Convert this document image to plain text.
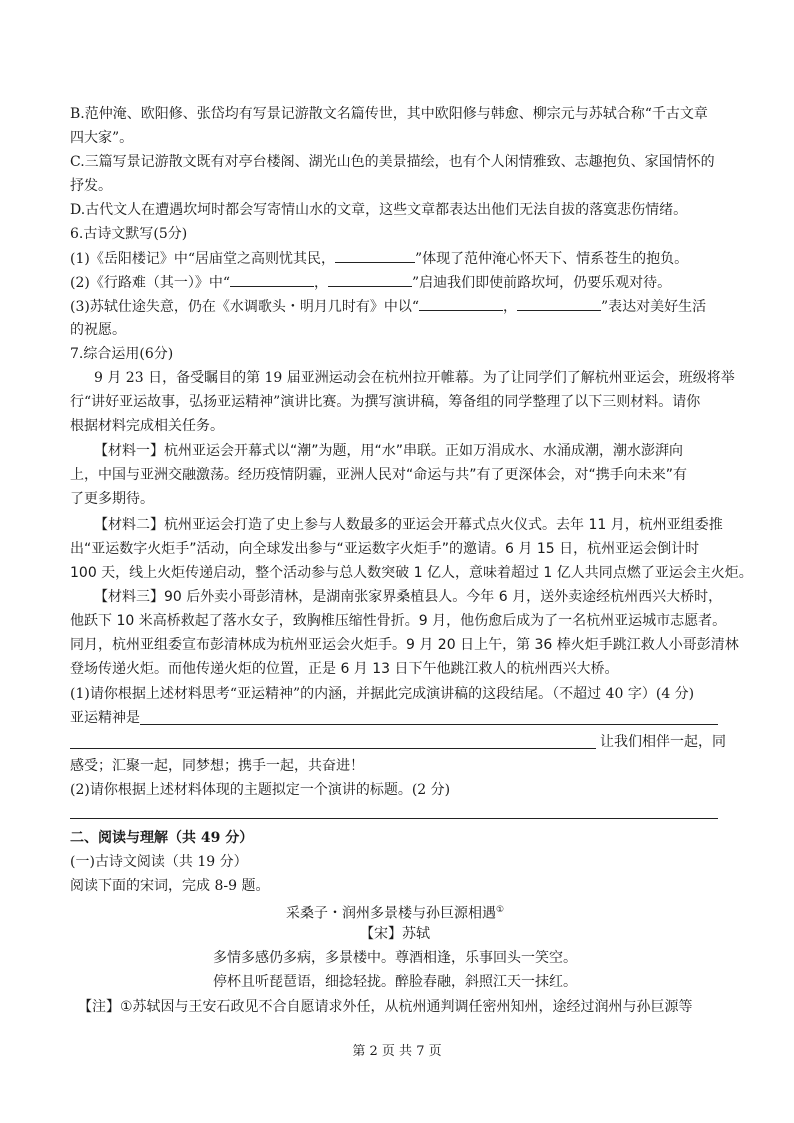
B.范仲淹、欧阳修、张岱均有写景记游散文名篇传世，其中欧阳修与韩愈、柳宗元与苏轼合称“千古文章
四大家”。
C.三篇写景记游散文既有对亭台楼阁、湖光山色的美景描绘，也有个人闲情雅致、志趣抱负、家国情怀的
抒发。
D.古代文人在遭遇坎坷时都会写寄情山水的文章，这些文章都表达出他们无法自拔的落寞悲伤情绪。
6.古诗文默写(5分)
(1)《岳阳楼记》中“居庙堂之高则忧其民，	”体现了范仲淹心怀天下、情系苍生的抱负。
(2)《行路难（其一）》中“	，	”启迪我们即使前路坎坷，仍要乐观对待。
(3)苏轼仕途失意，仍在《水调歌头・明月几时有》中以“	，	”表达对美好生活
的祝愿。
7.综合运用(6分)
9 月 23 日，备受瞩目的第 19 届亚洲运动会在杭州拉开帷幕。为了让同学们了解杭州亚运会，班级将举
行“讲好亚运故事，弘扬亚运精神”演讲比赛。为撰写演讲稿，筹备组的同学整理了以下三则材料。请你
根据材料完成相关任务。
【材料一】杭州亚运会开幕式以“潮”为题，用“水”串联。正如万涓成水、水涌成潮，潮水澎湃向
上，中国与亚洲交融激荡。经历疫情阴霾，亚洲人民对“命运与共”有了更深体会，对“携手向未来”有
了更多期待。
【材料二】杭州亚运会打造了史上参与人数最多的亚运会开幕式点火仪式。去年 11 月，杭州亚组委推
出“亚运数字火炬手”活动，向全球发出参与“亚运数字火炬手”的邀请。6 月 15 日，杭州亚运会倒计时
100 天，线上火炬传递启动，整个活动参与总人数突破 1 亿人，意味着超过 1 亿人共同点燃了亚运会主火炬。
【材料三】90 后外卖小哥彭清林，是湖南张家界桑植县人。今年 6 月，送外卖途经杭州西兴大桥时，
他跃下 10 米高桥救起了落水女子，致胸椎压缩性骨折。9 月，他伤愈后成为了一名杭州亚运城市志愿者。
同月，杭州亚组委宣布彭清林成为杭州亚运会火炬手。9 月 20 日上午，第 36 棒火炬手跳江救人小哥彭清林
登场传递火炬。而他传递火炬的位置，正是 6 月 13 日下午他跳江救人的杭州西兴大桥。
(1)请你根据上述材料思考“亚运精神”的内涵，并据此完成演讲稿的这段结尾。（不超过 40 字）(4 分)
亚运精神是
让我们相伴一起，同
感受；汇聚一起，同梦想；携手一起，共奋进！
(2)请你根据上述材料体现的主题拟定一个演讲的标题。(2 分)
二、阅读与理解（共 49 分）
(一)古诗文阅读（共 19 分）
阅读下面的宋词，完成 8-9 题。
采桑子・润州多景楼与孙巨源相遇①
【宋】苏轼
多情多感仍多病，多景楼中。尊酒相逢，乐事回头一笑空。
停杯且听琵琶语，细捻轻拢。醉脸春融，斜照江天一抹红。
【注】①苏轼因与王安石政见不合自愿请求外任，从杭州通判调任密州知州，途经过润州与孙巨源等
第 2 页 共 7 页
